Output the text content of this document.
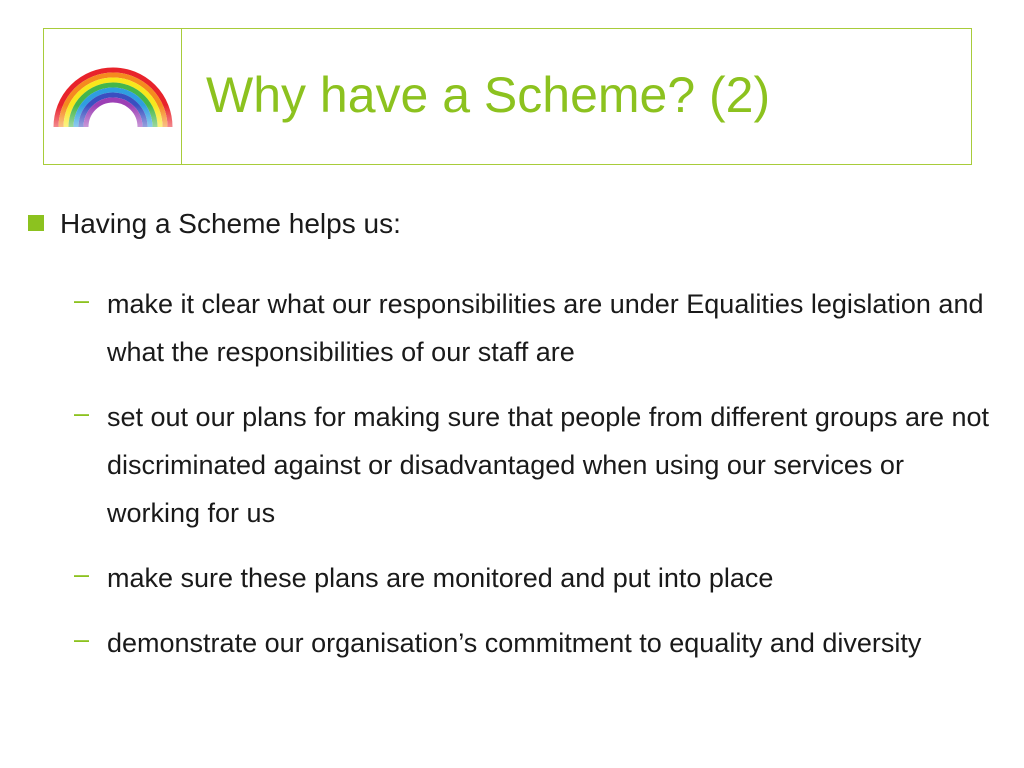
Why have a Scheme? (2)
Having a Scheme helps us:
– make it clear what our responsibilities are under Equalities legislation and what the responsibilities of our staff are
– set out our plans for making sure that people from different groups are not discriminated against or disadvantaged when using our services or working for us
– make sure these plans are monitored and put into place
– demonstrate our organisation’s commitment to equality and diversity
